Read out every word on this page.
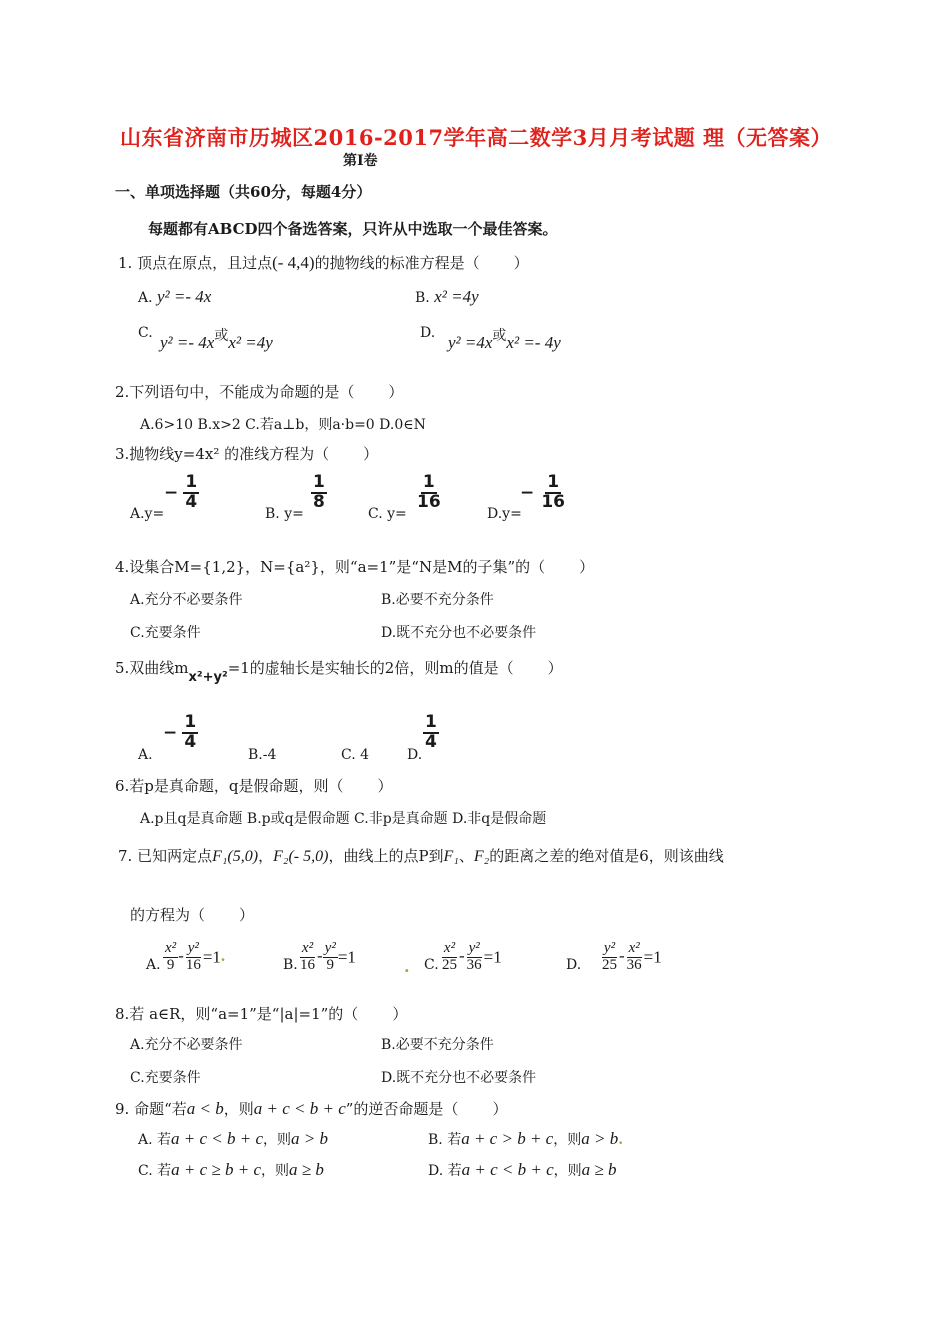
山东省济南市历城区2016-2017学年高二数学3月月考试题 理（无答案）
第Ⅰ卷
一、单项选择题（共60分，每题4分）
每题都有ABCD四个备选答案，只许从中选取一个最佳答案。
1. 顶点在原点，且过点(- 4,4)的抛物线的标准方程是（ ）
A. y² =- 4x	B. x² =4y
C. y² =- 4x或x² =4y	D. y² =4x或x² =- 4y
2.下列语句中，不能成为命题的是（ ）
A.6>10 B.x>2 C.若a⊥b，则a·b=0 D.0∈N
3.抛物线y=4x² 的准线方程为（ ）
A.y=
− $\frac{1}{4}$
B. y=
$\frac{1}{8}$
C. y=
$\frac{1}{16}$
D.y=
− $\frac{1}{16}$
4.设集合M={1,2}，N={a²}，则“a=1”是“N是M的子集”的（ ）
A.充分不必要条件	B.必要不充分条件
C.充要条件	D.既不充分也不必要条件
5.双曲线mx²+y²=1的虚轴长是实轴长的2倍，则m的值是（ ）
A.
− $\frac{1}{4}$
B.-4	C. 4	D.
$\frac{1}{4}$
6.若p是真命题，q是假命题，则（ ）
A.p且q是真命题 B.p或q是假命题 C.非p是真命题 D.非q是假命题
7. 已知两定点F₁(5,0)，F₂(- 5,0)，曲线上的点P到F₁、F₂的距离之差的绝对值是6，则该曲线
的方程为（ ）
A. $\frac{\text{x²}}{9} - \frac{\text{y²}}{16} =1$.	B. $\frac{\text{x²}}{16} - \frac{\text{y²}}{9} =1$
. C. $\frac{\text{x²}}{25} - \frac{\text{y²}}{36} =1$	D. $\frac{\text{y²}}{25} - \frac{\text{x²}}{36} =1$
8.若 a∈R，则“a=1”是“|a|=1”的（ ）
A.充分不必要条件	B.必要不充分条件
C.充要条件	D.既不充分也不必要条件
9. 命题“若a < b，则a + c < b + c”的逆否命题是（ ）
A. 若a + c < b + c，则a > b	B. 若a + c > b + c，则a > b.
C. 若a + c ≥ b + c，则a ≥ b	D. 若a + c < b + c，则a ≥ b
